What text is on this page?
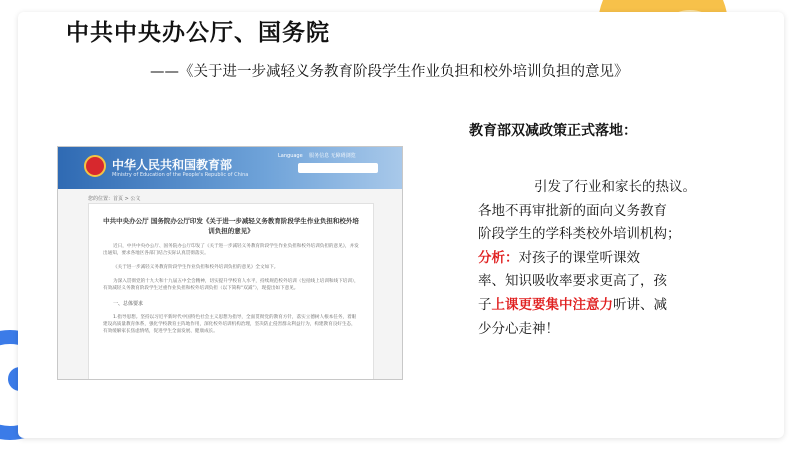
中共中央办公厅、国务院
——《关于进一步减轻义务教育阶段学生作业负担和校外培训负担的意见》
中华人民共和国教育部
Ministry of Education of the People's Republic of China
Language 服务信息 无障碍浏览
您的位置：首页 > 公文
中共中央办公厅 国务院办公厅印发《关于进一步减轻义务教育阶段学生作业负担和校外培训负担的意见》
近日，中共中央办公厅、国务院办公厅印发了《关于进一步减轻义务教育阶段学生作业负担和校外培训负担的意见》，并发出通知，要求各地区各部门结合实际认真贯彻落实。
《关于进一步减轻义务教育阶段学生作业负担和校外培训负担的意见》全文如下。
为深入贯彻党的十九大和十九届五中全会精神，切实提升学校育人水平，持续规范校外培训（包括线上培训和线下培训），有效减轻义务教育阶段学生过重作业负担和校外培训负担（以下简称“双减”），现提出如下意见。
一、总体要求
1.指导思想。坚持以习近平新时代中国特色社会主义思想为指导，全面贯彻党的教育方针，落实立德树人根本任务，着眼建设高质量教育体系，强化学校教育主阵地作用，深化校外培训机构治理，坚决防止侵害群众利益行为，构建教育良好生态，有效缓解家长焦虑情绪，促进学生全面发展、健康成长。
教育部双减政策正式落地：

引发了行业和家长的热议。

各地不再审批新的面向义务教育

阶段学生的学科类校外培训机构；

分析：对孩子的课堂听课效

率、知识吸收率要求更高了，孩

子上课更要集中注意力听讲、减

少分心走神！
